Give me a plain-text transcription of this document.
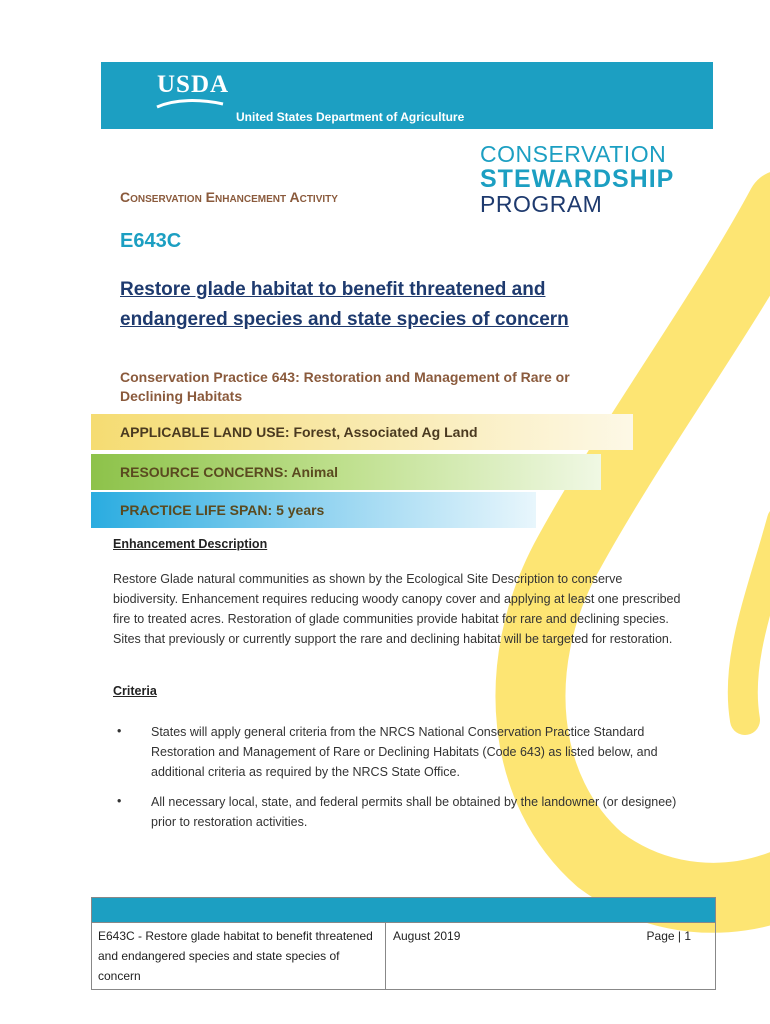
USDA
United States Department of Agriculture
CONSERVATION
STEWARDSHIP
PROGRAM
Conservation Enhancement Activity
E643C
Restore glade habitat to benefit threatened and endangered species and state species of concern
Conservation Practice 643: Restoration and Management of Rare or Declining Habitats
APPLICABLE LAND USE: Forest, Associated Ag Land
RESOURCE CONCERNS: Animal
PRACTICE LIFE SPAN: 5 years
Enhancement Description
Restore Glade natural communities as shown by the Ecological Site Description to conserve biodiversity. Enhancement requires reducing woody canopy cover and applying at least one prescribed fire to treated acres. Restoration of glade communities provide habitat for rare and declining species. Sites that previously or currently support the rare and declining habitat will be targeted for restoration.
Criteria
• States will apply general criteria from the NRCS National Conservation Practice Standard Restoration and Management of Rare or Declining Habitats (Code 643) as listed below, and additional criteria as required by the NRCS State Office.
• All necessary local, state, and federal permits shall be obtained by the landowner (or designee) prior to restoration activities.
E643C - Restore glade habitat to benefit threatened and endangered species and state species of concern
August 2019	Page | 1
